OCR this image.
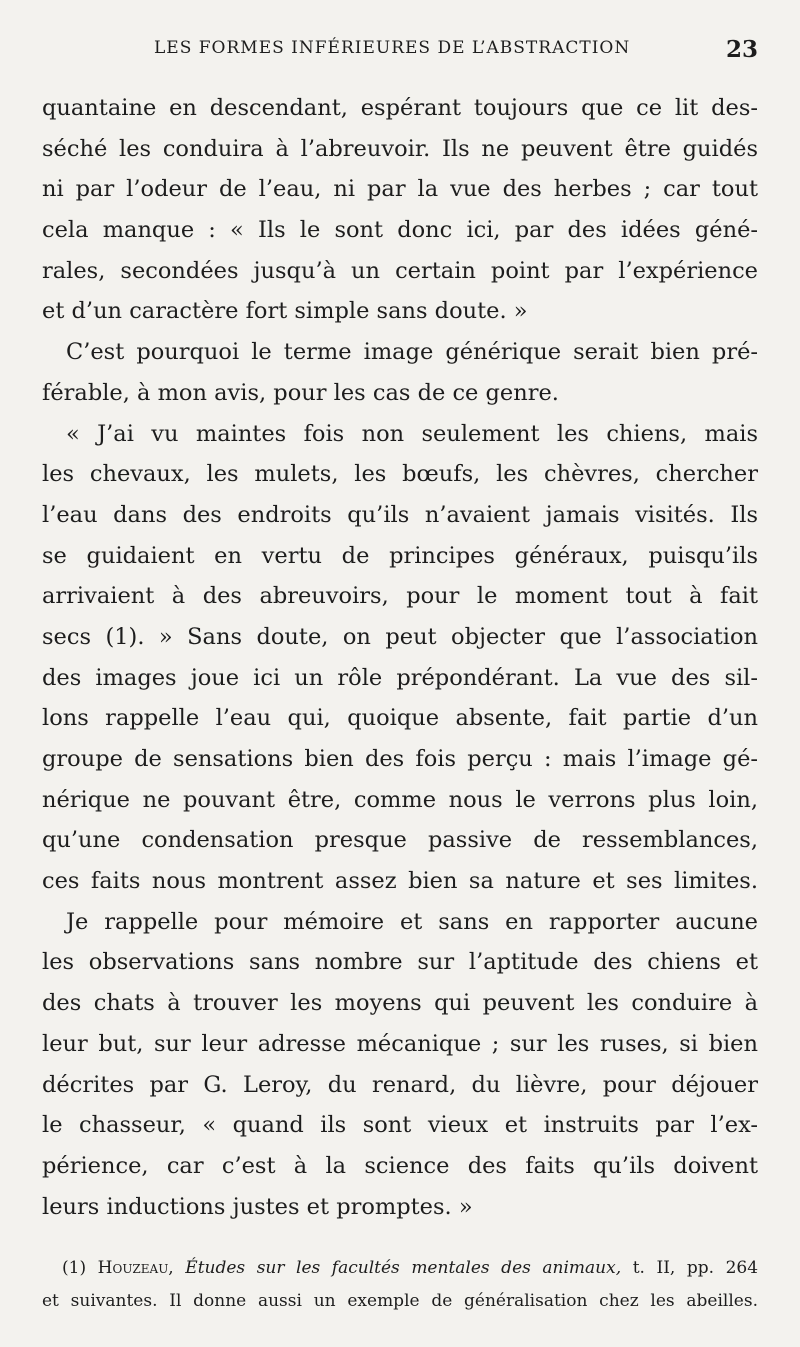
LES FORMES INFÉRIEURES DE L’ABSTRACTION	23
quantaine en descendant, espérant toujours que ce lit des-
séché les conduira à l’abreuvoir. Ils ne peuvent être guidés
ni par l’odeur de l’eau, ni par la vue des herbes ; car tout
cela manque : « Ils le sont donc ici, par des idées géné-
rales, secondées jusqu’à un certain point par l’expérience
et d’un caractère fort simple sans doute. »
C’est pourquoi le terme image générique serait bien pré-
férable, à mon avis, pour les cas de ce genre.
« J’ai vu maintes fois non seulement les chiens, mais
les chevaux, les mulets, les bœufs, les chèvres, chercher
l’eau dans des endroits qu’ils n’avaient jamais visités. Ils
se guidaient en vertu de principes généraux, puisqu’ils
arrivaient à des abreuvoirs, pour le moment tout à fait
secs (1). » Sans doute, on peut objecter que l’association
des images joue ici un rôle prépondérant. La vue des sil-
lons rappelle l’eau qui, quoique absente, fait partie d’un
groupe de sensations bien des fois perçu : mais l’image gé-
nérique ne pouvant être, comme nous le verrons plus loin,
qu’une condensation presque passive de ressemblances,
ces faits nous montrent assez bien sa nature et ses limites.
Je rappelle pour mémoire et sans en rapporter aucune
les observations sans nombre sur l’aptitude des chiens et
des chats à trouver les moyens qui peuvent les conduire à
leur but, sur leur adresse mécanique ; sur les ruses, si bien
décrites par G. Leroy, du renard, du lièvre, pour déjouer
le chasseur, « quand ils sont vieux et instruits par l’ex-
périence, car c’est à la science des faits qu’ils doivent
leurs inductions justes et promptes. »
(1) Houzeau, Études sur les facultés mentales des animaux, t. II, pp. 264
et suivantes. Il donne aussi un exemple de généralisation chez les abeilles.
